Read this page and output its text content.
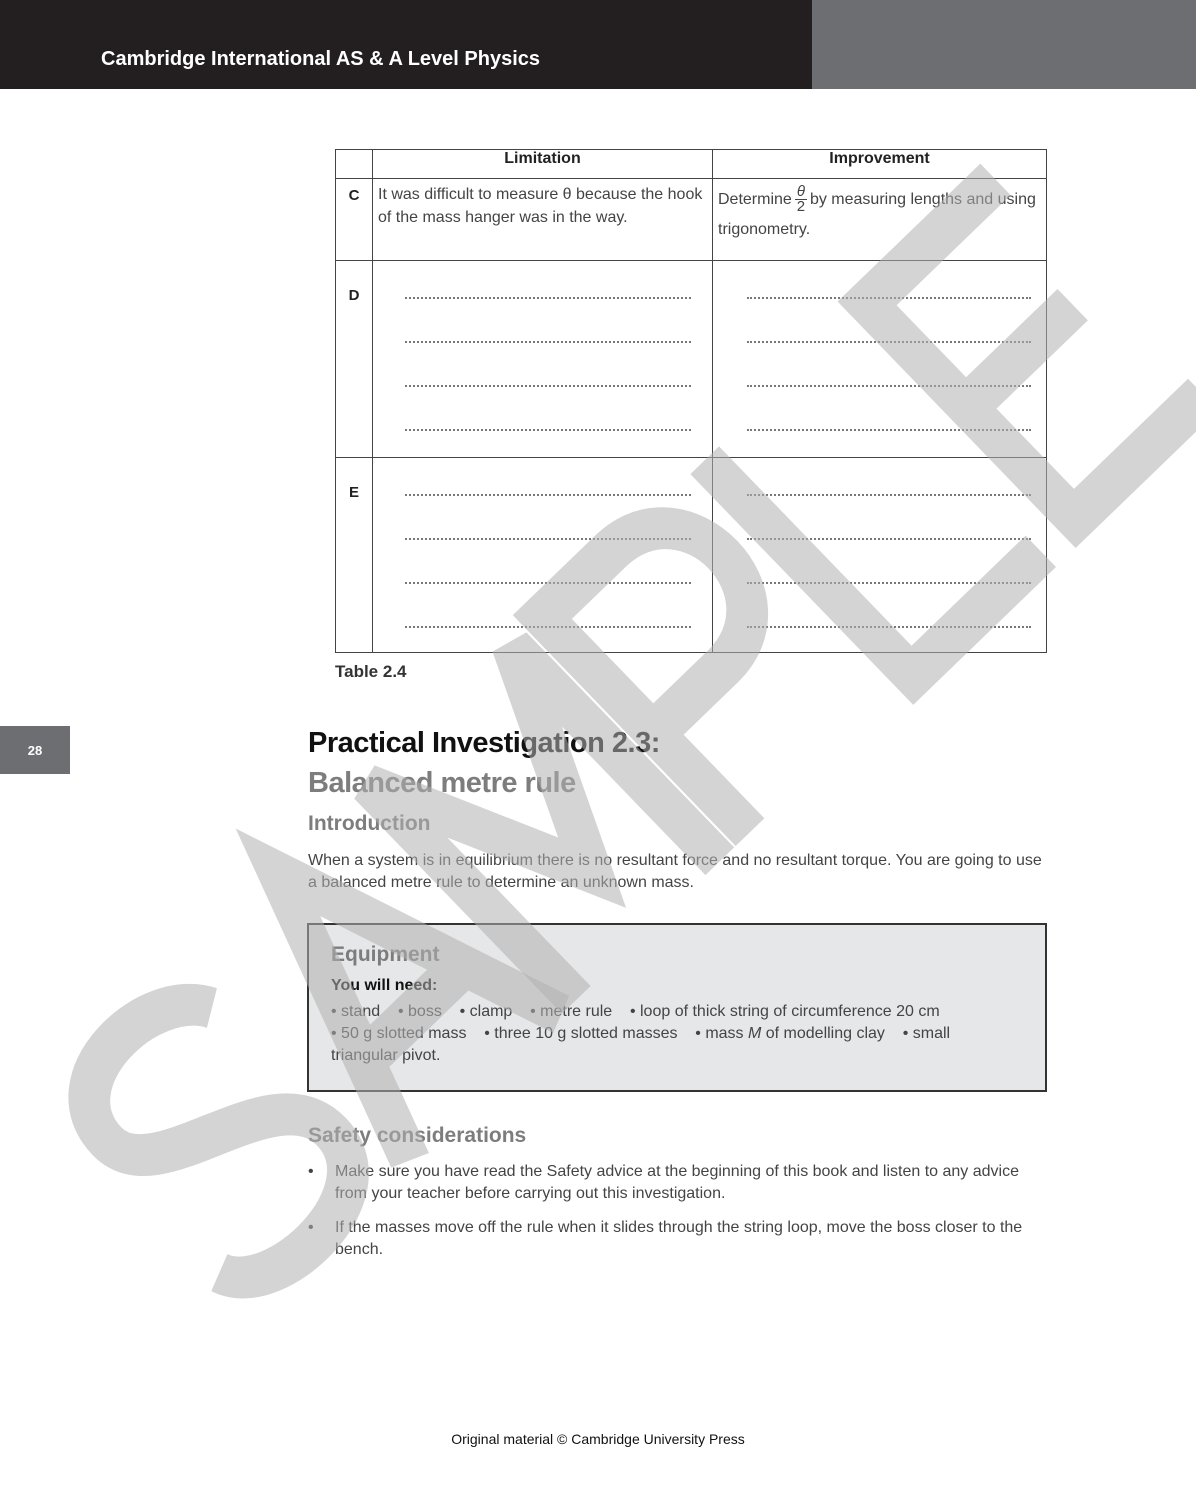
Cambridge International AS & A Level Physics
28
	Limitation	Improvement
C	It was difficult to measure θ because the hook of the mass hanger was in the way.	Determine $\frac{\theta}{2}$ by measuring lengths and using trigonometry.
D	

E	

Table 2.4
Practical Investigation 2.3:
Balanced metre rule
Introduction
When a system is in equilibrium there is no resultant force and no resultant torque. You are going to use a balanced metre rule to determine an unknown mass.
Equipment
You will need:
• stand    • boss    • clamp    • metre rule    • loop of thick string of circumference 20 cm
• 50 g slotted mass    • three 10 g slotted masses    • mass M of modelling clay    • small triangular pivot.
Safety considerations
• Make sure you have read the Safety advice at the beginning of this book and listen to any advice from your teacher before carrying out this investigation.
• If the masses move off the rule when it slides through the string loop, move the boss closer to the bench.
Original material © Cambridge University Press
